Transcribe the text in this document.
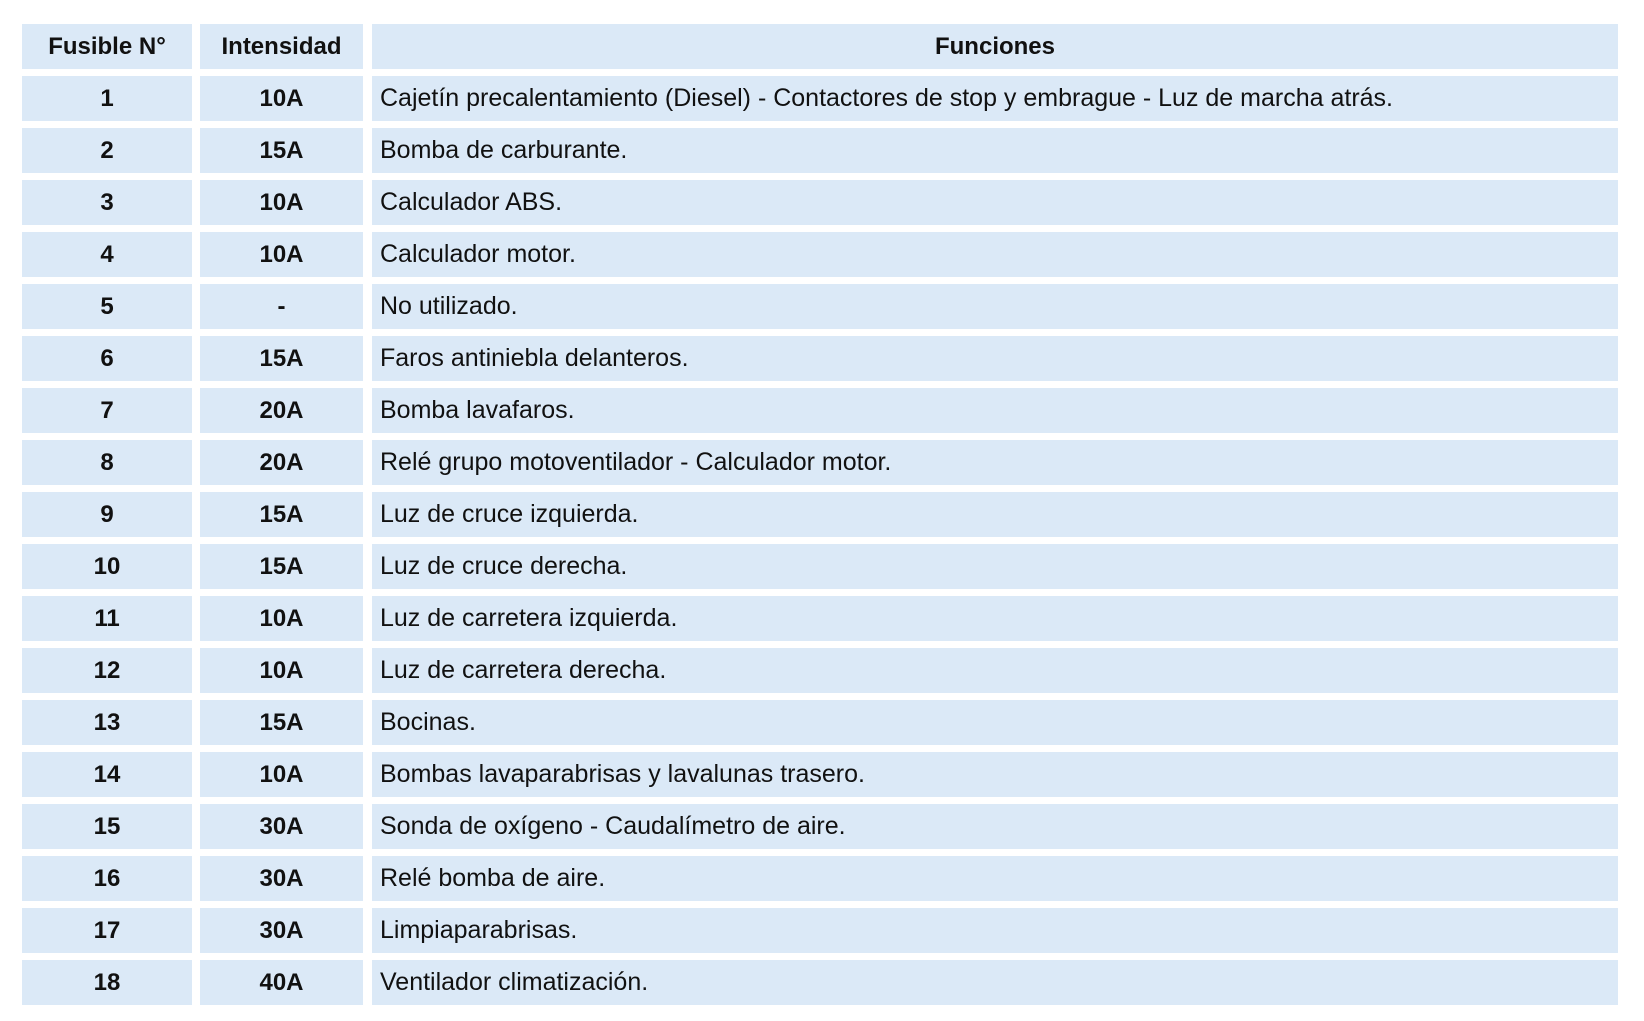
Fusible N°	Intensidad	Funciones
1	10A	Cajetín precalentamiento (Diesel) - Contactores de stop y embrague - Luz de marcha atrás.
2	15A	Bomba de carburante.
3	10A	Calculador ABS.
4	10A	Calculador motor.
5	-	No utilizado.
6	15A	Faros antiniebla delanteros.
7	20A	Bomba lavafaros.
8	20A	Relé grupo motoventilador - Calculador motor.
9	15A	Luz de cruce izquierda.
10	15A	Luz de cruce derecha.
11	10A	Luz de carretera izquierda.
12	10A	Luz de carretera derecha.
13	15A	Bocinas.
14	10A	Bombas lavaparabrisas y lavalunas trasero.
15	30A	Sonda de oxígeno - Caudalímetro de aire.
16	30A	Relé bomba de aire.
17	30A	Limpiaparabrisas.
18	40A	Ventilador climatización.
